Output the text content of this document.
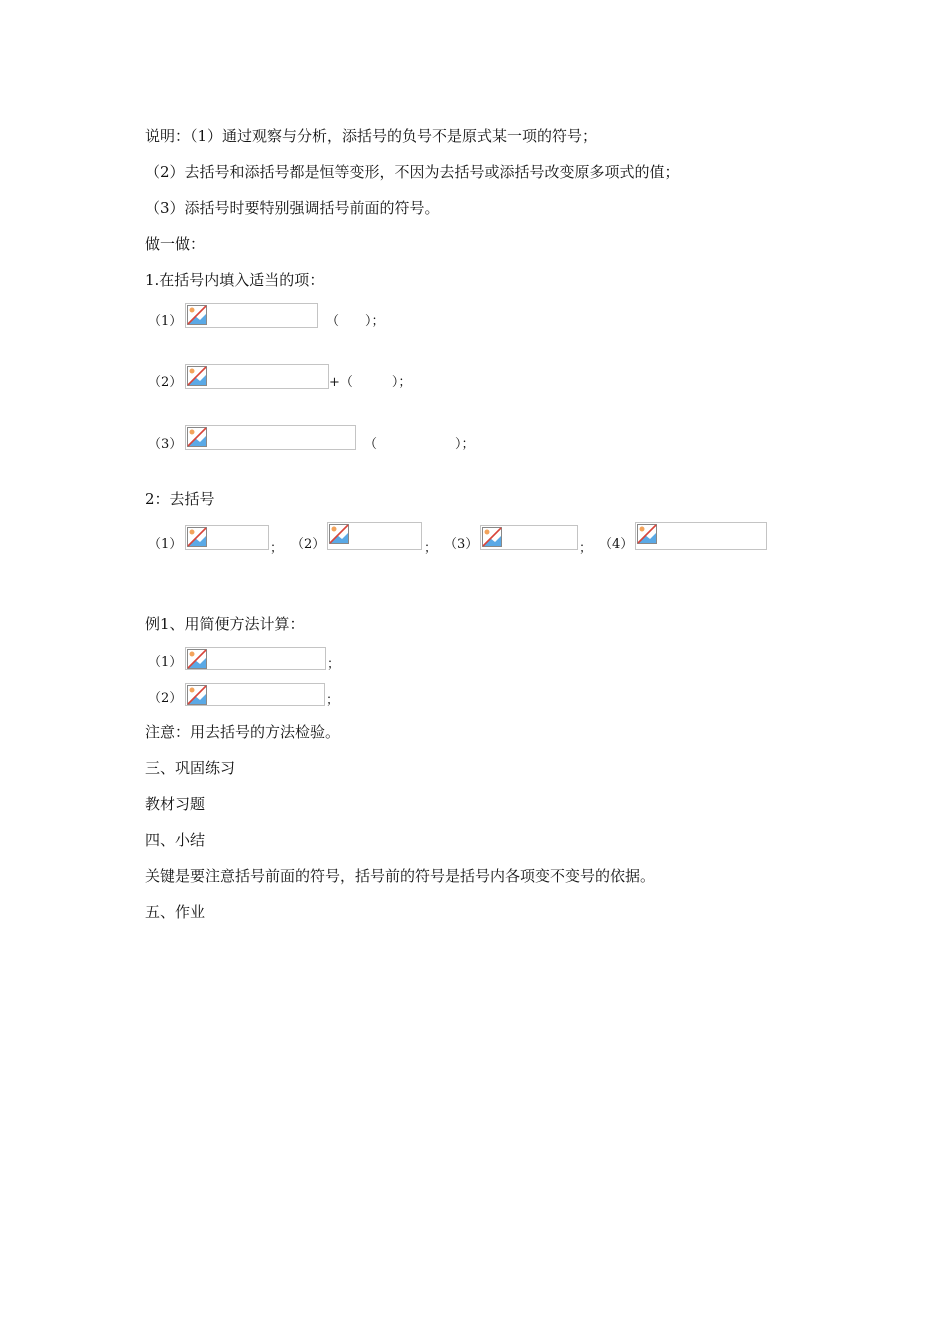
说明：（1）通过观察与分析，添括号的负号不是原式某一项的符号；
（2）去括号和添括号都是恒等变形，不因为去括号或添括号改变原多项式的值；
（3）添括号时要特别强调括号前面的符号。
做一做：
1.在括号内填入适当的项：
（1）	（　　）；
（2）	+（　　　）；
（3）	（　　　　　　）；
2：去括号
（1）	； （2）	； （3）	； （4）
例1、用简便方法计算：
（1）	；
（2）	；
注意：用去括号的方法检验。
三、巩固练习
教材习题
四、小结
关键是要注意括号前面的符号，括号前的符号是括号内各项变不变号的依据。
五、作业
